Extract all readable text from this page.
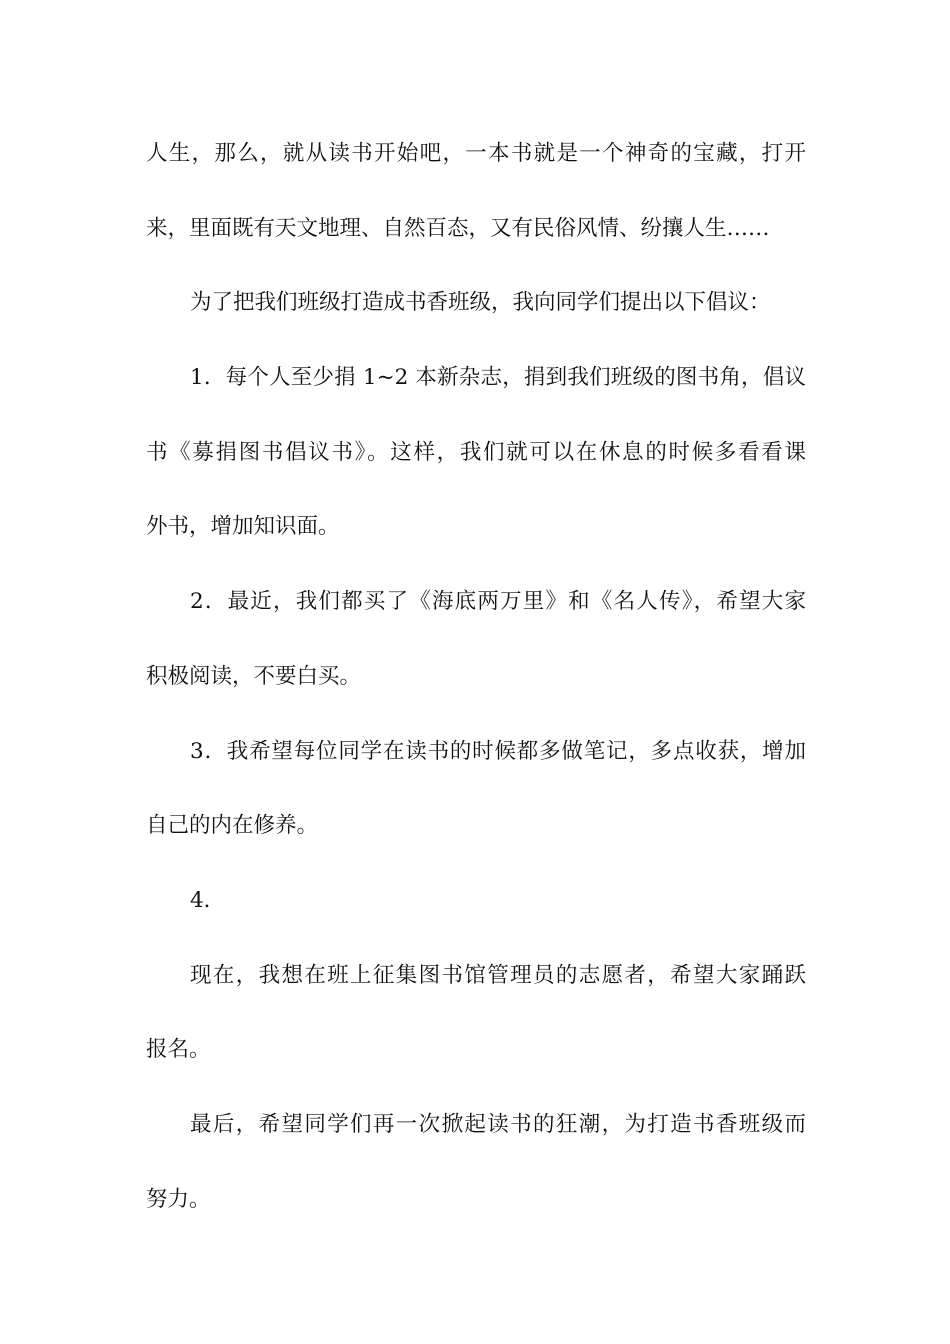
人生，那么，就从读书开始吧，一本书就是一个神奇的宝藏，打开
来，里面既有天文地理、自然百态，又有民俗风情、纷攘人生……
为了把我们班级打造成书香班级，我向同学们提出以下倡议：
1．每个人至少捐 1~2 本新杂志，捐到我们班级的图书角，倡议
书《募捐图书倡议书》。这样，我们就可以在休息的时候多看看课
外书，增加知识面。
2．最近，我们都买了《海底两万里》和《名人传》，希望大家
积极阅读，不要白买。
3．我希望每位同学在读书的时候都多做笔记，多点收获，增加
自己的内在修养。
4．
现在，我想在班上征集图书馆管理员的志愿者，希望大家踊跃
报名。
最后，希望同学们再一次掀起读书的狂潮，为打造书香班级而
努力。
